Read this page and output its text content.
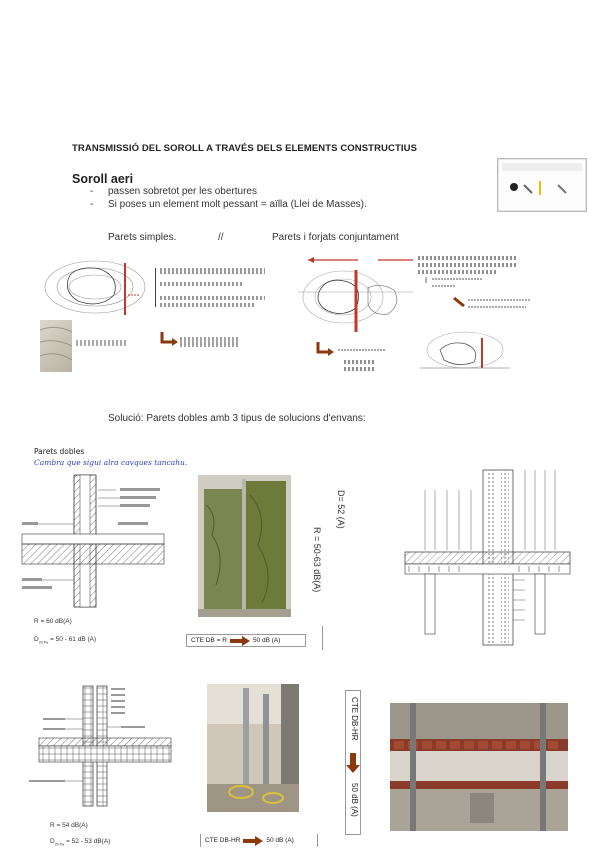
TRANSMISSIÓ DEL SOROLL A TRAVÉS DELS ELEMENTS CONSTRUCTIUS
Soroll aeri
- passen sobretot per les obertures
- Si poses un element molt pessant = aïlla (Llei de Masses).
Parets simples.	//	Parets i forjats conjuntament
Solució: Parets dobles amb 3 tipus de solucions d'envans:
Parets dobles
Cambra que sigui alra cavques tancahu.
R = 60 dB(A)
$D_{2nTw} = 50 - 61$ dB (A)	CTE DB = R	50 dB (A)
R = 50-63 dB(A)
D= 52 (A)
R = 54 dB(A)
$D_{2nTw} = 52 - 53$ dB(A)	CTE DB-HR	50 dB (A)
CTE DB-HR
50 dB (A)
